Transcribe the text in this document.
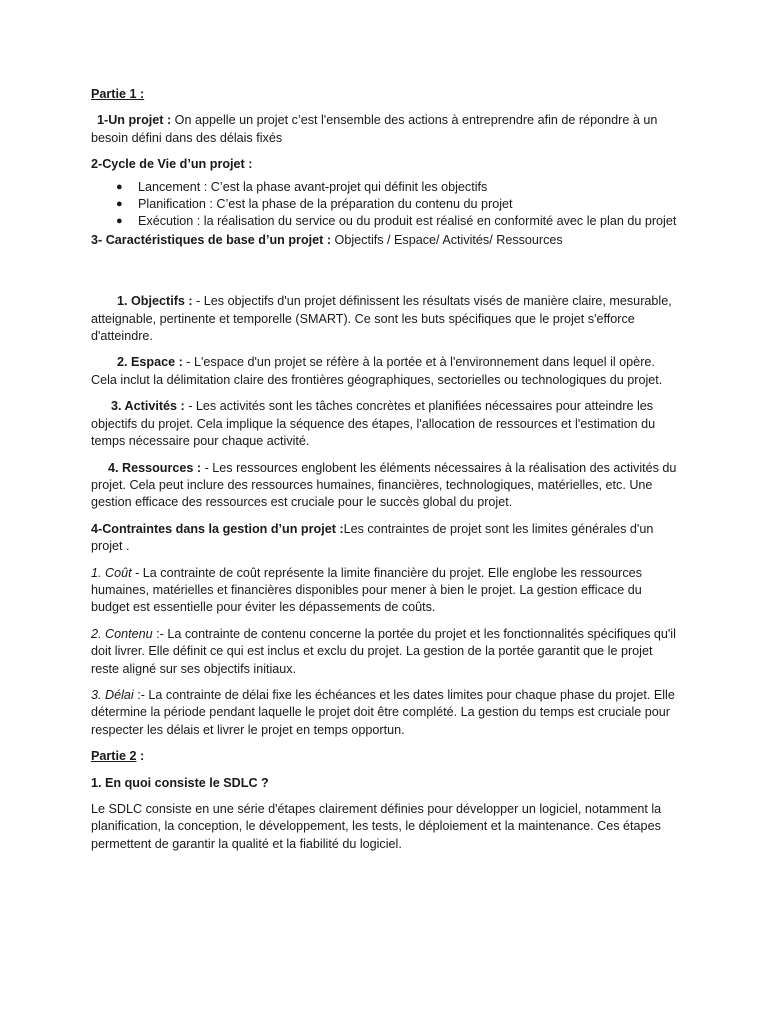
Partie 1 :

1-Un projet : On appelle un projet c’est l'ensemble des actions à entreprendre afin de répondre à un besoin défini dans des délais fixés

2-Cycle de Vie d’un projet :

● Lancement : C’est la phase avant-projet qui définit les objectifs
● Planification : C’est la phase de la préparation du contenu du projet
● Exécution : la réalisation du service ou du produit est réalisé en conformité avec le plan du projet

3- Caractéristiques de base d’un projet : Objectifs / Espace/ Activités/ Ressources

1. Objectifs : - Les objectifs d'un projet définissent les résultats visés de manière claire, mesurable, atteignable, pertinente et temporelle (SMART). Ce sont les buts spécifiques que le projet s'efforce d'atteindre.

2. Espace : - L'espace d'un projet se réfère à la portée et à l'environnement dans lequel il opère. Cela inclut la délimitation claire des frontières géographiques, sectorielles ou technologiques du projet.

3. Activités : - Les activités sont les tâches concrètes et planifiées nécessaires pour atteindre les objectifs du projet. Cela implique la séquence des étapes, l'allocation de ressources et l'estimation du temps nécessaire pour chaque activité.

4. Ressources : - Les ressources englobent les éléments nécessaires à la réalisation des activités du projet. Cela peut inclure des ressources humaines, financières, technologiques, matérielles, etc. Une gestion efficace des ressources est cruciale pour le succès global du projet.

4-Contraintes dans la gestion d’un projet :Les contraintes de projet sont les limites générales d'un projet .

1. Coût - La contrainte de coût représente la limite financière du projet. Elle englobe les ressources humaines, matérielles et financières disponibles pour mener à bien le projet. La gestion efficace du budget est essentielle pour éviter les dépassements de coûts.

2. Contenu :- La contrainte de contenu concerne la portée du projet et les fonctionnalités spécifiques qu'il doit livrer. Elle définit ce qui est inclus et exclu du projet. La gestion de la portée garantit que le projet reste aligné sur ses objectifs initiaux.

3. Délai :- La contrainte de délai fixe les échéances et les dates limites pour chaque phase du projet. Elle détermine la période pendant laquelle le projet doit être complété. La gestion du temps est cruciale pour respecter les délais et livrer le projet en temps opportun.

Partie 2 :

1. En quoi consiste le SDLC ?

Le SDLC consiste en une série d'étapes clairement définies pour développer un logiciel, notamment la planification, la conception, le développement, les tests, le déploiement et la maintenance. Ces étapes permettent de garantir la qualité et la fiabilité du logiciel.
